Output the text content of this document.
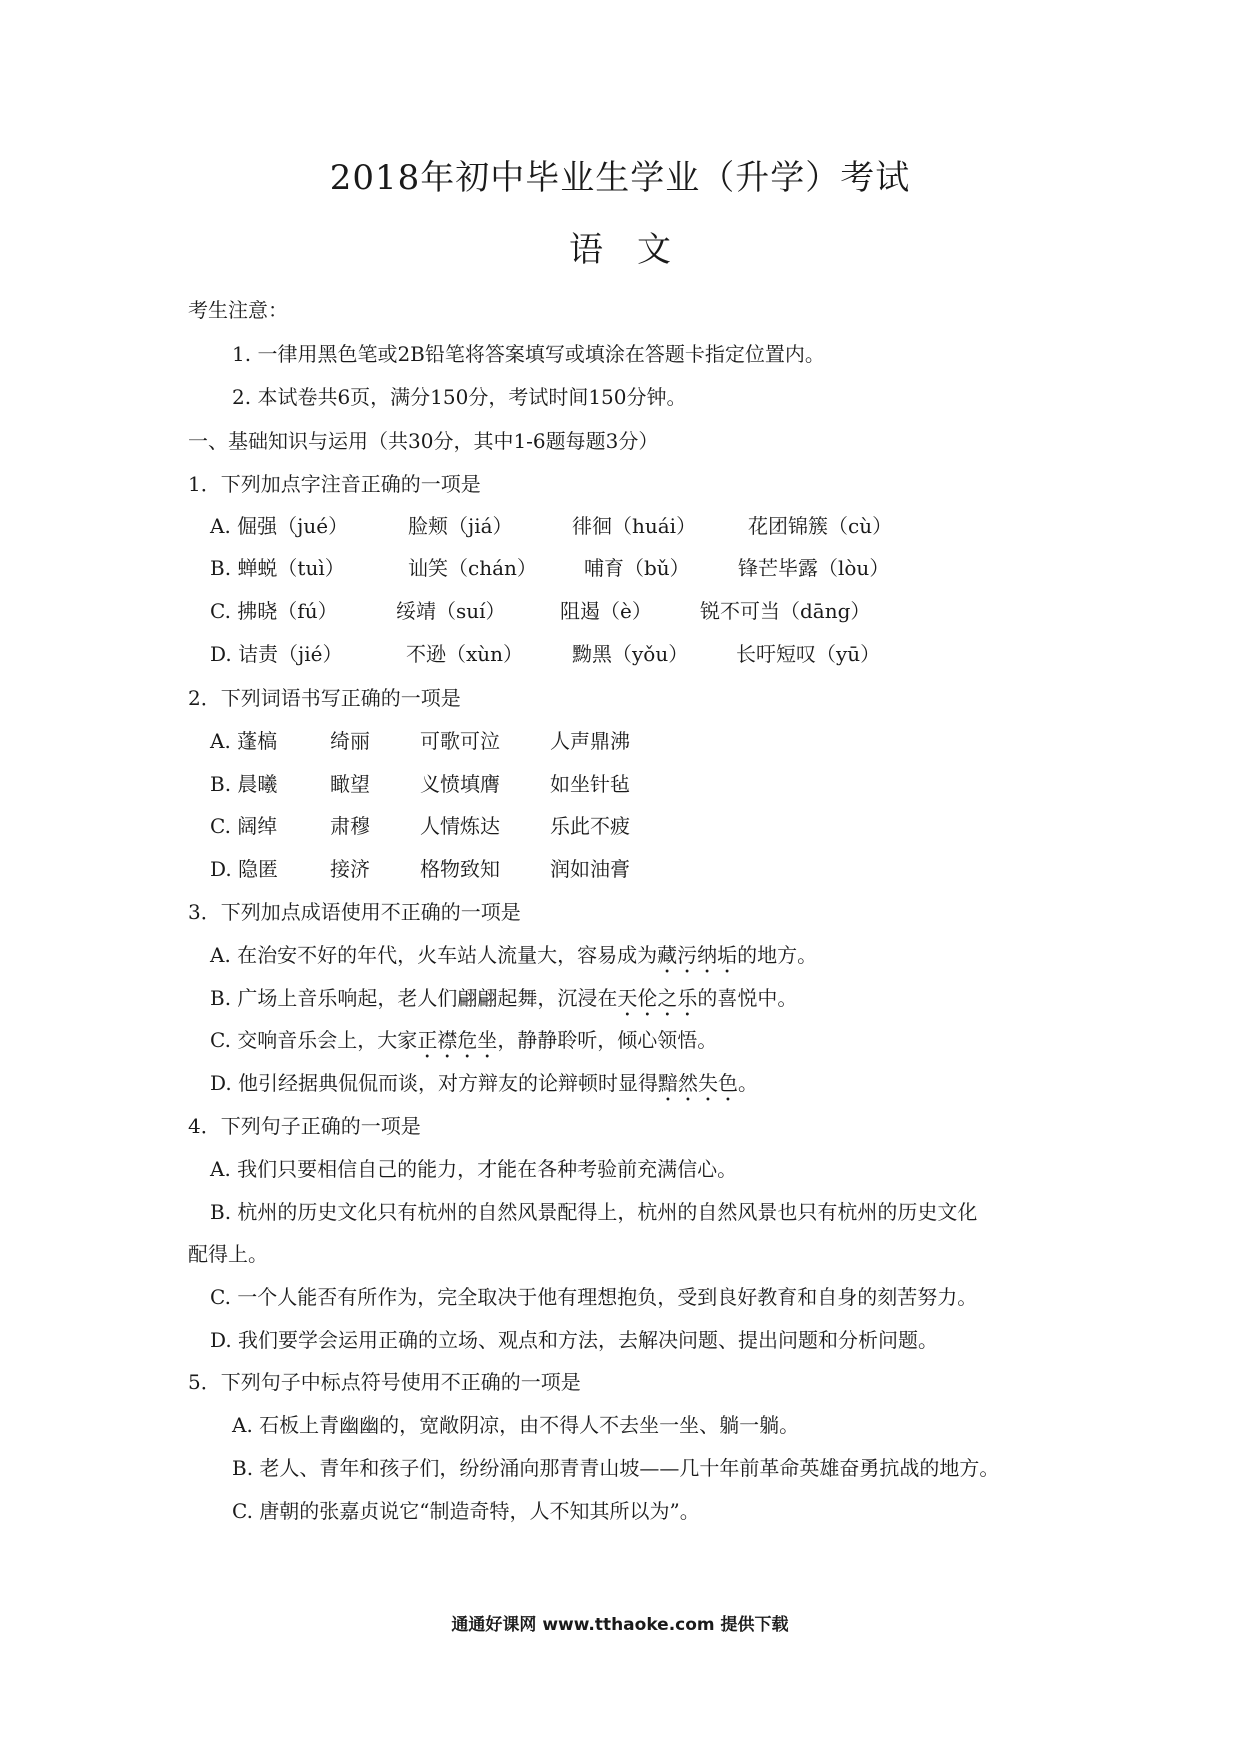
2018年初中毕业生学业（升学）考试
语文
考生注意：
1. 一律用黑色笔或2B铅笔将答案填写或填涂在答题卡指定位置内。
2. 本试卷共6页，满分150分，考试时间150分钟。
一、基础知识与运用（共30分，其中1-6题每题3分）
1．下列加点字注音正确的一项是
A. 倔强（jué）	脸颊（jiá）	徘徊（huái）	花团锦簇（cù）
B. 蝉蜕（tuì）	讪笑（chán） 哺育（bǔ） 锋芒毕露（lòu）
C. 拂晓（fú）	绥靖（suí）	阻遏（è） 锐不可当（dāng）
D. 诘责（jié）	不逊（xùn） 黝黑（yǒu） 长吁短叹（yū）
2．下列词语书写正确的一项是
A. 蓬槁	绮丽	可歌可泣	人声鼎沸
B. 晨曦	瞰望	义愤填膺	如坐针毡
C. 阔绰	肃穆	人情炼达	乐此不疲
D. 隐匿	接济	格物致知	润如油膏
3．下列加点成语使用不正确的一项是
A. 在治安不好的年代，火车站人流量大，容易成为藏污纳垢的地方。
B. 广场上音乐响起，老人们翩翩起舞，沉浸在天伦之乐的喜悦中。
C. 交响音乐会上，大家正襟危坐，静静聆听，倾心领悟。
D. 他引经据典侃侃而谈，对方辩友的论辩顿时显得黯然失色。
4．下列句子正确的一项是
A. 我们只要相信自己的能力，才能在各种考验前充满信心。
B. 杭州的历史文化只有杭州的自然风景配得上，杭州的自然风景也只有杭州的历史文化
配得上。
C. 一个人能否有所作为，完全取决于他有理想抱负，受到良好教育和自身的刻苦努力。
D. 我们要学会运用正确的立场、观点和方法，去解决问题、提出问题和分析问题。
5．下列句子中标点符号使用不正确的一项是
A. 石板上青幽幽的，宽敞阴凉，由不得人不去坐一坐、躺一躺。
B. 老人、青年和孩子们，纷纷涌向那青青山坡——几十年前革命英雄奋勇抗战的地方。
C. 唐朝的张嘉贞说它“制造奇特，人不知其所以为”。
通通好课网 www.tthaoke.com 提供下载
